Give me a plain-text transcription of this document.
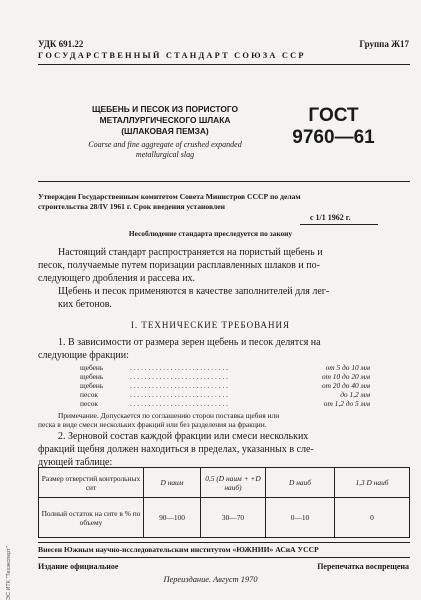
УДК 691.22	Группа Ж17
ГОСУДАРСТВЕННЫЙ СТАНДАРТ СОЮЗА ССР
ЩЕБЕНЬ И ПЕСОК ИЗ ПОРИСТОГО
МЕТАЛЛУРГИЧЕСКОГО ШЛАКА
(ШЛАКОВАЯ ПЕМЗА)
Coarse and fine aggregate of crushed expanded
metallurgical slag
ГОСТ
9760—61
Утвержден Государственным комитетом Совета Министров СССР по делам
строительства 28/IV 1961 г. Срок введения установлен
с 1/1 1962 г.
Несоблюдение стандарта преследуется по закону
Настоящий стандарт распространяется на пористый щебень и
песок, получаемые путем поризации расплавленных шлаков и по-
следующего дробления и рассева их.
Щебень и песок применяются в качестве заполнителей для лег-
ких бетонов.
I. ТЕХНИЧЕСКИЕ ТРЕБОВАНИЯ
1. В зависимости от размера зерен щебень и песок делятся на
следующие фракции:
щебень	. . . . . . . . . . . . . . . . . . . . . . . . . . .	от 5 до 10 мм
щебень	. . . . . . . . . . . . . . . . . . . . . . . . . . .	от 10 до 20 мм
щебень	. . . . . . . . . . . . . . . . . . . . . . . . . . .	от 20 до 40 мм
песок	. . . . . . . . . . . . . . . . . . . . . . . . . . .	до 1,2 мм
песок	. . . . . . . . . . . . . . . . . . . . . . . . . . .	от 1,2 до 5 мм
Примечание. Допускается по соглашению сторон поставка щебня или
песка в виде смеси нескольких фракций или без разделения на фракции.
2. Зерновой состав каждой фракции или смеси нескольких
фракций щебня должен находиться в пределах, указанных в сле-
дующей таблице:
Размер отверстий контрольных сит	D наим	0,5 (D наим + +D наиб)	D наиб	1,3 D наиб
Полный остаток на сите в % по объему	90—100	30—70	0—10	0
Внесен Южным научно-исследовательским институтом «ЮЖНИИ» АСиА УССР
Издание официальное	Перепечатка воспрещена
Переиздание. Август 1970
ЭС ИТК "Техэксперт"
